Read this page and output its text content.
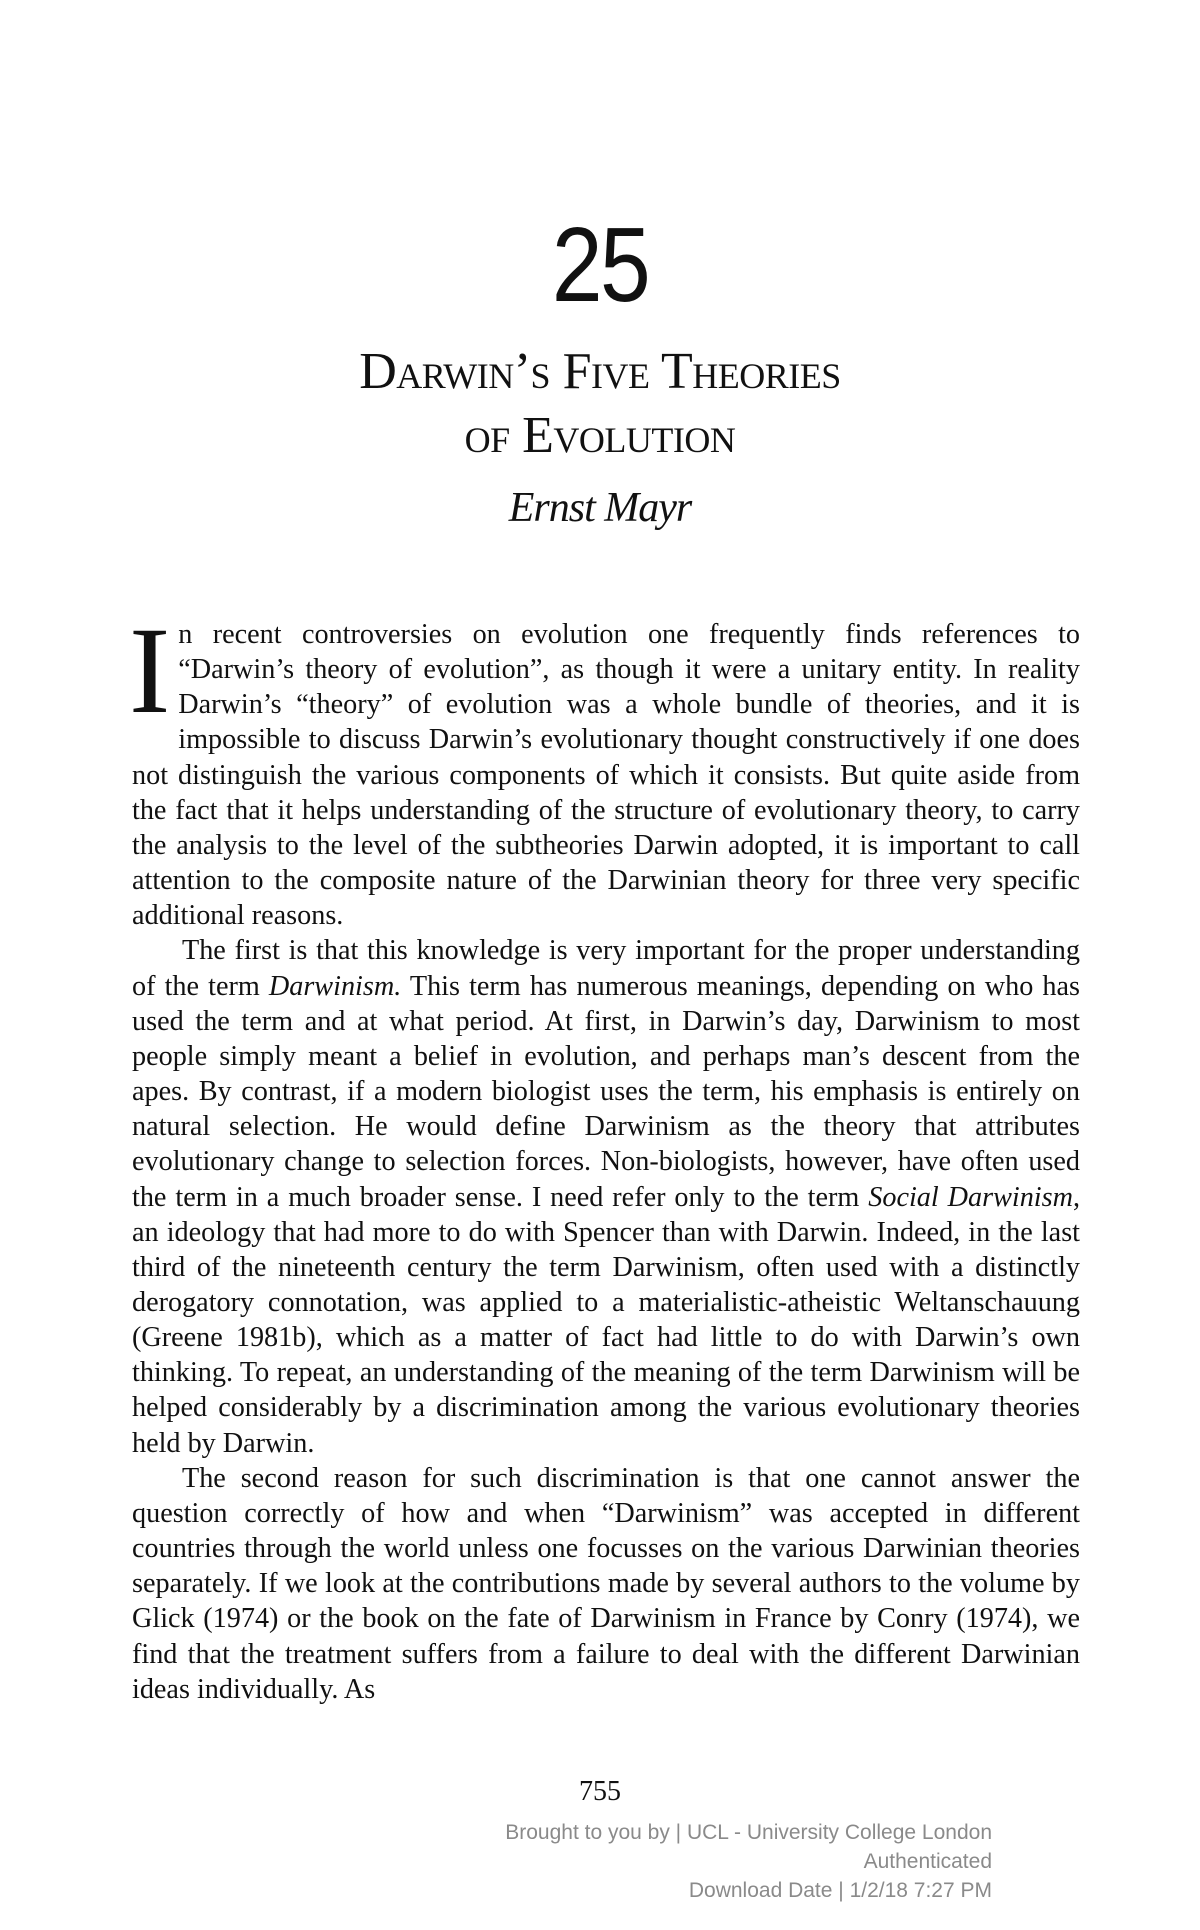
25
Darwin’s Five Theories
of Evolution
Ernst Mayr

In recent controversies on evolution one frequently finds references to “Darwin’s theory of evolution”, as though it were a unitary entity. In reality Darwin’s “theory” of evolution was a whole bundle of theories, and it is impossible to discuss Darwin’s evolutionary thought constructively if one does not distinguish the various components of which it consists. But quite aside from the fact that it helps understanding of the structure of evolutionary theory, to carry the analysis to the level of the subtheories Darwin adopted, it is important to call attention to the composite nature of the Darwinian theory for three very specific additional reasons.

The first is that this knowledge is very important for the proper understanding of the term Darwinism. This term has numerous meanings, depending on who has used the term and at what period. At first, in Darwin’s day, Darwinism to most people simply meant a belief in evolution, and perhaps man’s descent from the apes. By contrast, if a modern biologist uses the term, his emphasis is entirely on natural selection. He would define Darwinism as the theory that attributes evolutionary change to selection forces. Non-biologists, however, have often used the term in a much broader sense. I need refer only to the term Social Darwinism, an ideology that had more to do with Spencer than with Darwin. Indeed, in the last third of the nineteenth century the term Darwinism, often used with a distinctly derogatory connotation, was applied to a materialistic-atheistic Weltanschauung (Greene 1981b), which as a matter of fact had little to do with Darwin’s own thinking. To repeat, an understanding of the meaning of the term Darwinism will be helped considerably by a discrimination among the various evolutionary theories held by Darwin.

The second reason for such discrimination is that one cannot answer the question correctly of how and when “Darwinism” was accepted in different countries through the world unless one focusses on the various Darwinian theories separately. If we look at the contributions made by several authors to the volume by Glick (1974) or the book on the fate of Darwinism in France by Conry (1974), we find that the treatment suffers from a failure to deal with the different Darwinian ideas individually. As

755
Brought to you by | UCL - University College London
Authenticated
Download Date | 1/2/18 7:27 PM
